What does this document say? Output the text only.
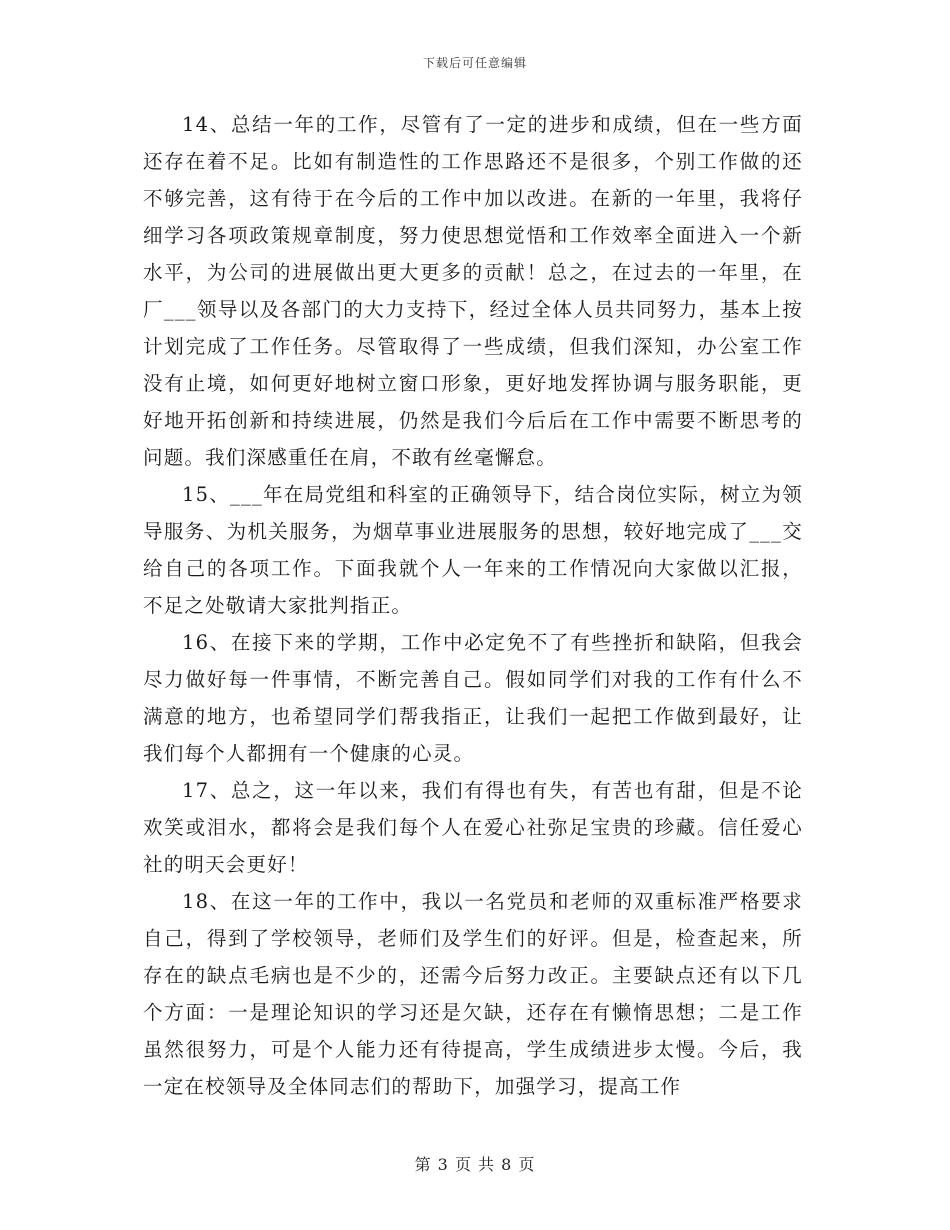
下载后可任意编辑

14、总结一年的工作，尽管有了一定的进步和成绩，但在一些方面还存在着不足。比如有制造性的工作思路还不是很多，个别工作做的还不够完善，这有待于在今后的工作中加以改进。在新的一年里，我将仔细学习各项政策规章制度，努力使思想觉悟和工作效率全面进入一个新水平，为公司的进展做出更大更多的贡献！总之，在过去的一年里，在厂___领导以及各部门的大力支持下，经过全体人员共同努力，基本上按计划完成了工作任务。尽管取得了一些成绩，但我们深知，办公室工作没有止境，如何更好地树立窗口形象，更好地发挥协调与服务职能，更好地开拓创新和持续进展，仍然是我们今后后在工作中需要不断思考的问题。我们深感重任在肩，不敢有丝毫懈怠。

15、___年在局党组和科室的正确领导下，结合岗位实际，树立为领导服务、为机关服务，为烟草事业进展服务的思想，较好地完成了___交给自己的各项工作。下面我就个人一年来的工作情况向大家做以汇报，不足之处敬请大家批判指正。

16、在接下来的学期，工作中必定免不了有些挫折和缺陷，但我会尽力做好每一件事情，不断完善自己。假如同学们对我的工作有什么不满意的地方，也希望同学们帮我指正，让我们一起把工作做到最好，让我们每个人都拥有一个健康的心灵。

17、总之，这一年以来，我们有得也有失，有苦也有甜，但是不论欢笑或泪水，都将会是我们每个人在爱心社弥足宝贵的珍藏。信任爱心社的明天会更好！

18、在这一年的工作中，我以一名党员和老师的双重标准严格要求自己，得到了学校领导，老师们及学生们的好评。但是，检查起来，所存在的缺点毛病也是不少的，还需今后努力改正。主要缺点还有以下几个方面：一是理论知识的学习还是欠缺，还存在有懒惰思想；二是工作虽然很努力，可是个人能力还有待提高，学生成绩进步太慢。今后，我一定在校领导及全体同志们的帮助下，加强学习，提高工作

第 3 页 共 8 页
